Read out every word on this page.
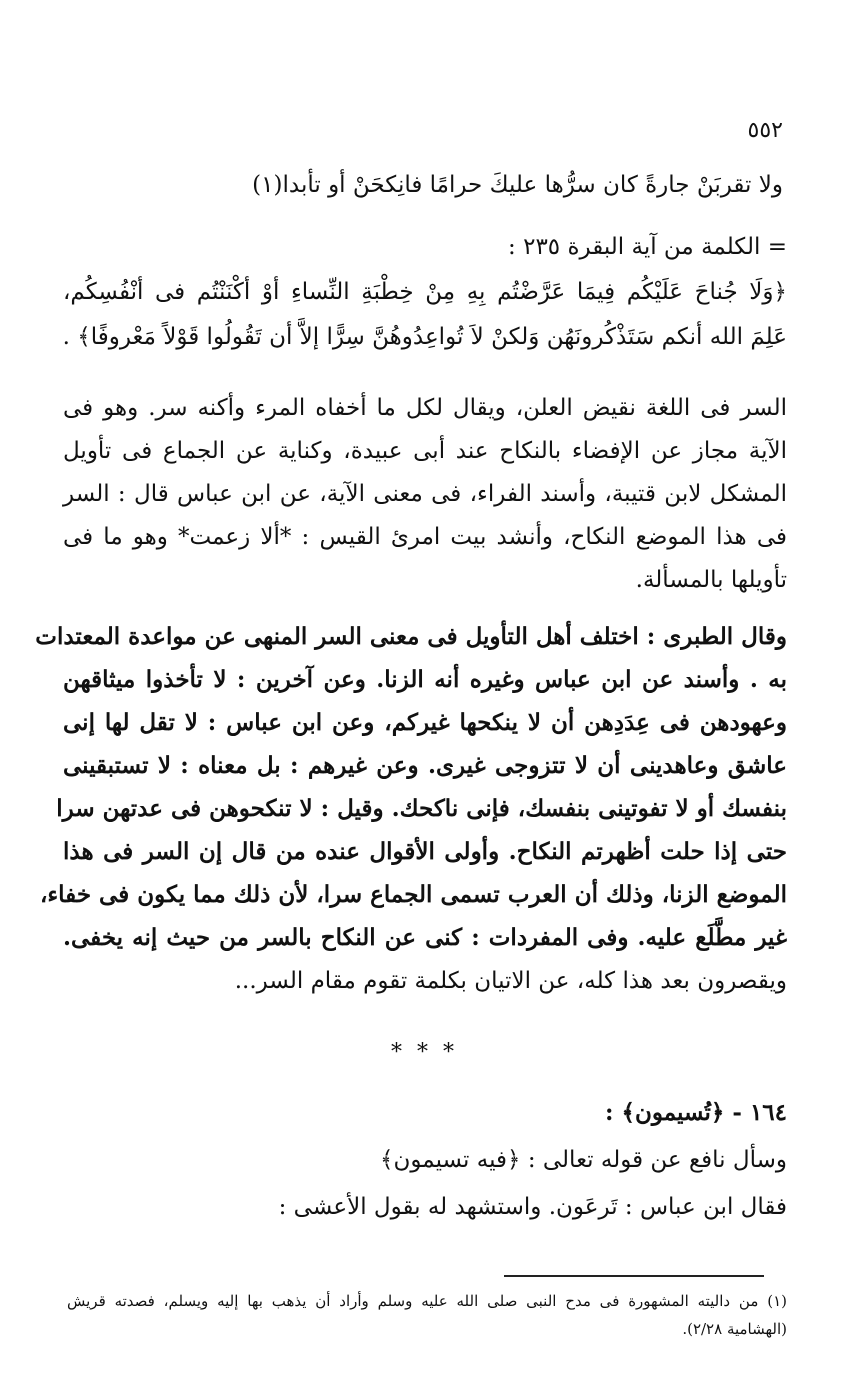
٥٥٢
ولا تقربَنْ جارةً كان سرُّها عليكَ حرامًا فانِكحَنْ أو تأبدا(١)
= الكلمة من آية البقرة ٢٣٥ :
﴿وَلَا جُناحَ عَلَيْكُم فِيمَا عَرَّضْتُم بِهِ مِنْ خِطْبَةِ النِّساءِ أوْ أكْنَنْتُم فى أنْفُسِكُم،
عَلِمَ الله أنكم سَتَذْكُرونَهُن وَلكنْ لاَ تُواعِدُوهُنَّ سِرًّا إلاَّ أن تَقُولُوا قَوْلاً مَعْروفًا﴾ .
السر فى اللغة نقيض العلن، ويقال لكل ما أخفاه المرء وأكنه سر. وهو فى
الآية مجاز عن الإفضاء بالنكاح عند أبى عبيدة، وكناية عن الجماع فى تأويل
المشكل لابن قتيبة، وأسند الفراء، فى معنى الآية، عن ابن عباس قال : السر
فى هذا الموضع النكاح، وأنشد بيت امرئ القيس : *ألا زعمت* وهو ما فى
تأويلها بالمسألة.
وقال الطبرى : اختلف أهل التأويل فى معنى السر المنهى عن مواعدة المعتدات
به . وأسند عن ابن عباس وغيره أنه الزنا. وعن آخرين : لا تأخذوا ميثاقهن
وعهودهن فى عِدَدِهن أن لا ينكحها غيركم، وعن ابن عباس : لا تقل لها إنى
عاشق وعاهدينى أن لا تتزوجى غيرى. وعن غيرهم : بل معناه : لا تستبقينى
بنفسك أو لا تفوتينى بنفسك، فإنى ناكحك. وقيل : لا تنكحوهن فى عدتهن سرا
حتى إذا حلت أظهرتم النكاح. وأولى الأقوال عنده من قال إن السر فى هذا
الموضع الزنا، وذلك أن العرب تسمى الجماع سرا، لأن ذلك مما يكون فى خفاء،
غير مطَّلَع عليه. وفى المفردات : كنى عن النكاح بالسر من حيث إنه يخفى.
ويقصرون بعد هذا كله، عن الاتيان بكلمة تقوم مقام السر...
* * *
١٦٤ - ﴿تُسيمون﴾ :
وسأل نافع عن قوله تعالى : ﴿فيه تسيمون﴾
فقال ابن عباس : تَرعَون. واستشهد له بقول الأعشى :
(١) من داليته المشهورة فى مدح النبى صلى الله عليه وسلم وأراد أن يذهب بها إليه ويسلم، فصدته قريش
(الهشامية ٢/٢٨).
